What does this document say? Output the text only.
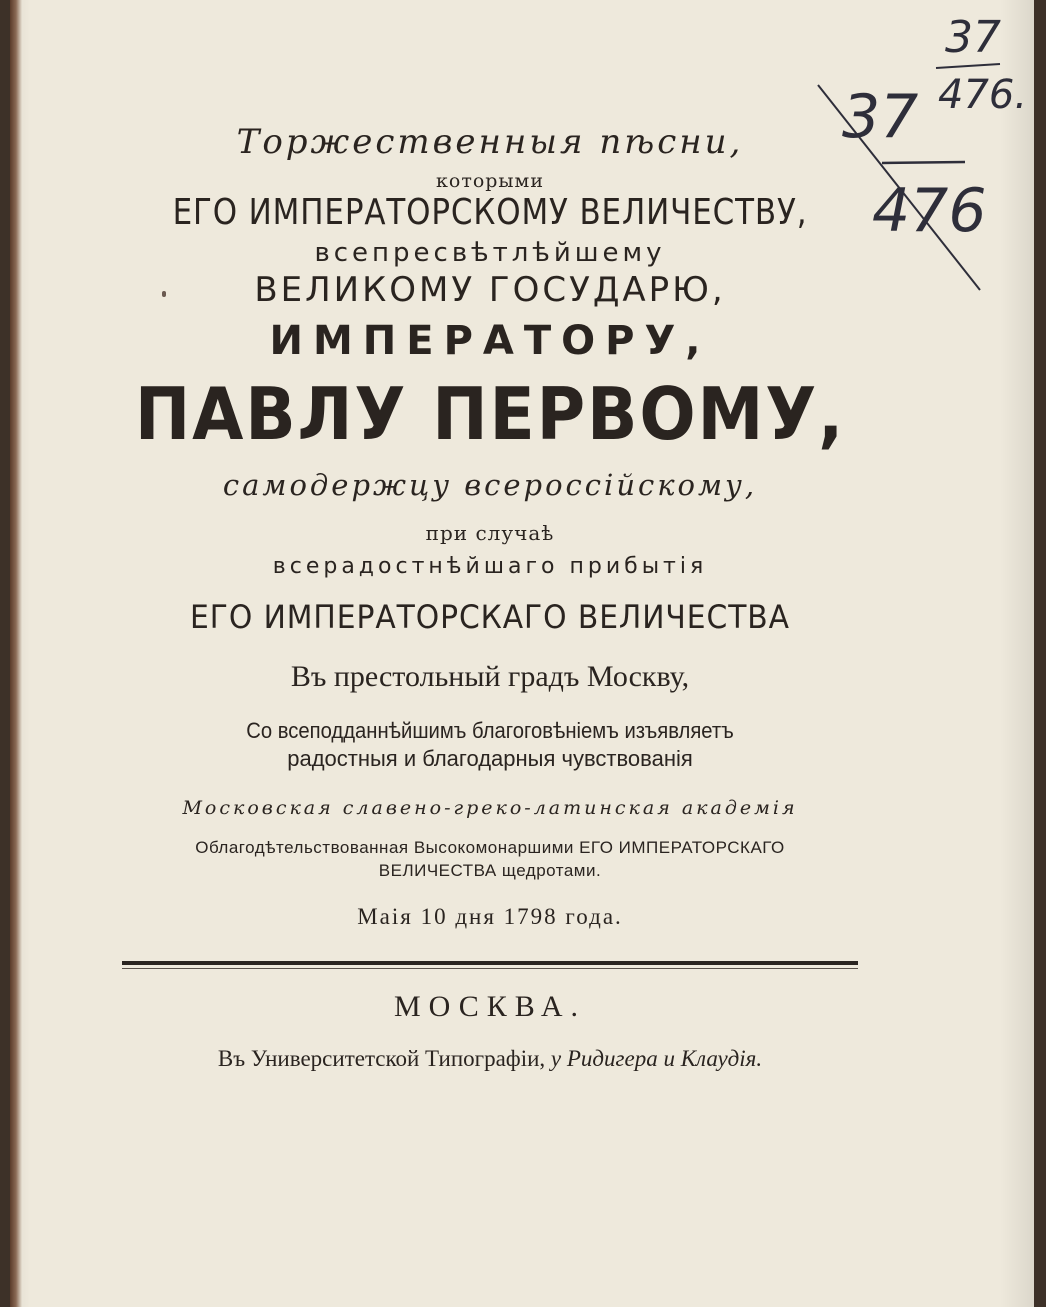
Торжественныя пѣсни,
которыми
ЕГО ИМПЕРАТОРСКОМУ ВЕЛИЧЕСТВУ,
всепресвѣтлѣйшему
ВЕЛИКОМУ ГОСУДАРЮ,
ИМПЕРАТОРУ,
ПАВЛУ ПЕРВОМУ,
самодержцу всероссійскому,
при случаѣ
всерадостнѣйшаго прибытія
ЕГО ИМПЕРАТОРСКАГО ВЕЛИЧЕСТВА
Въ престольный градъ Москву,
Со всеподданнѣйшимъ благоговѣніемъ изъявляетъ
радостныя и благодарныя чувствованія
Московская славено-греко-латинская академія
Облагодѣтельствованная Высокомонаршими ЕГО ИМПЕРАТОРСКАГО
ВЕЛИЧЕСТВА щедротами.
Маія 10 дня 1798 года.
МОСКВА.
Въ Университетской Типографіи, у Ридигера и Клаудія.
37
476.
37
476
